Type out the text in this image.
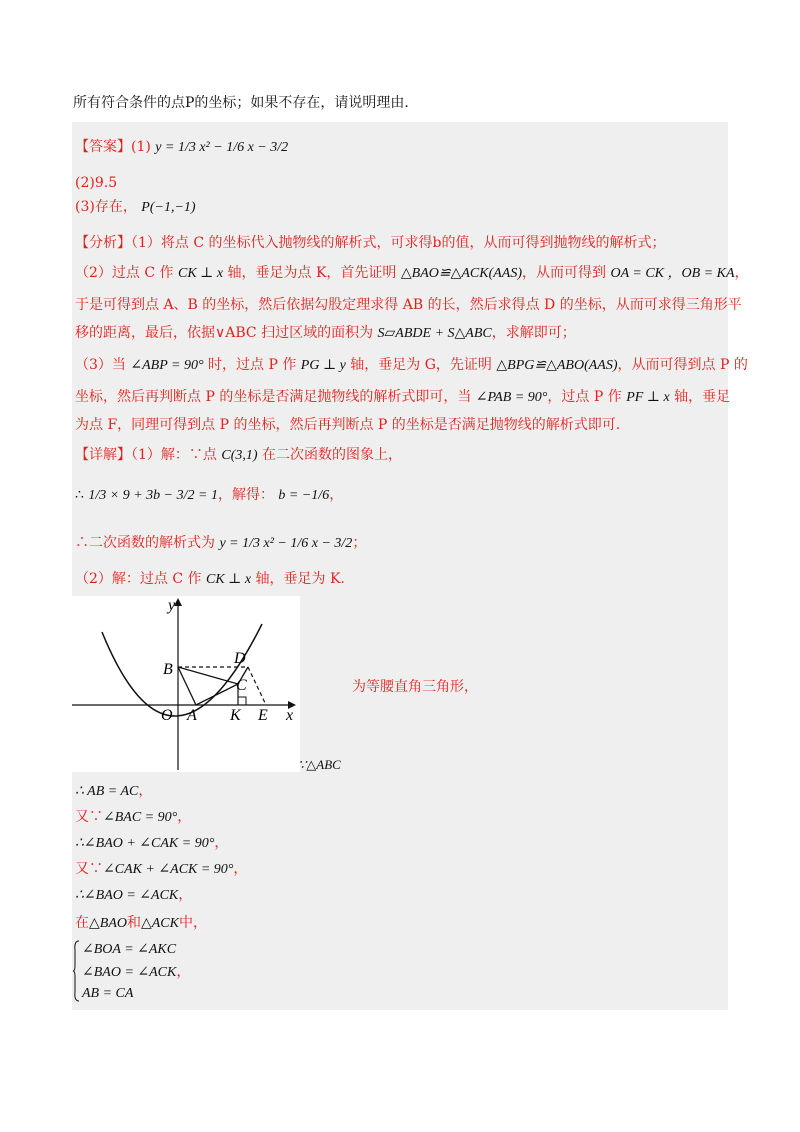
所有符合条件的点P的坐标；如果不存在，请说明理由.
【答案】(1) y = 1/3 x² − 1/6 x − 3/2
(2)9.5
(3)存在， P(−1,−1)
【分析】（1）将点 C 的坐标代入抛物线的解析式，可求得b的值，从而可得到抛物线的解析式；
（2）过点 C 作 CK ⊥ x 轴，垂足为点 K，首先证明 △BAO≌△ACK(AAS)，从而可得到 OA = CK ，OB = KA，
于是可得到点 A、B 的坐标，然后依据勾股定理求得 AB 的长，然后求得点 D 的坐标，从而可求得三角形平
移的距离，最后，依据∨ABC 扫过区域的面积为 S▱ABDE + S△ABC，求解即可；
（3）当 ∠ABP = 90° 时，过点 P 作 PG ⊥ y 轴，垂足为 G，先证明 △BPG≌△ABO(AAS)，从而可得到点 P 的
坐标，然后再判断点 P 的坐标是否满足抛物线的解析式即可，当 ∠PAB = 90°，过点 P 作 PF ⊥ x 轴，垂足
为点 F，同理可得到点 P 的坐标，然后再判断点 P 的坐标是否满足抛物线的解析式即可.
【详解】（1）解：∵点 C(3,1) 在二次函数的图象上，
∴ 1/3 × 9 + 3b − 3/2 = 1，解得： b = −1/6，
∴二次函数的解析式为 y = 1/3 x² − 1/6 x − 3/2；
（2）解：过点 C 作 CK ⊥ x 轴，垂足为 K.
y
x
B
D
C
O A K E
为等腰直角三角形，
∵△ABC
∴ AB = AC，
又∵∠BAC = 90°，
∴∠BAO + ∠CAK = 90°，
又∵∠CAK + ∠ACK = 90°，
∴∠BAO = ∠ACK，
在△BAO和△ACK中，
∠BOA = ∠AKC
∠BAO = ∠ACK，
AB = CA
